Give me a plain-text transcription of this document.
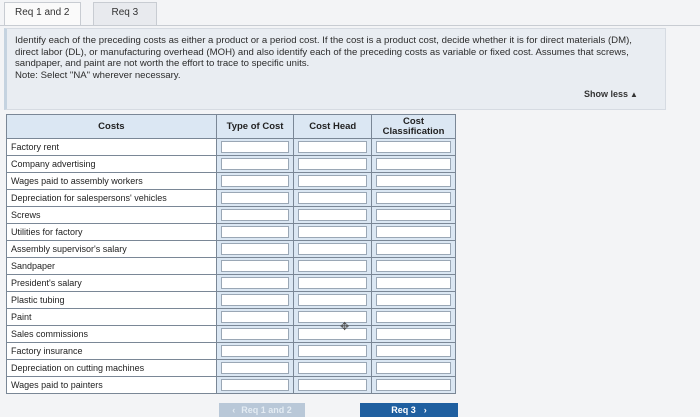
Req 1 and 2	Req 3

Identify each of the preceding costs as either a product or a period cost. If the cost is a product cost, decide whether it is for direct materials (DM), direct labor (DL), or manufacturing overhead (MOH) and also identify each of the preceding costs as variable or fixed cost. Assumes that screws, sandpaper, and paint are not worth the effort to trace to specific units.

Note: Select "NA" wherever necessary.

Show less ▲
Costs	Type of Cost	Cost Head	Cost Classification
Factory rent	

Company advertising	

Wages paid to assembly workers	

Depreciation for salespersons' vehicles	

Screws	

Utilities for factory	

Assembly supervisor's salary	

Sandpaper	

President's salary	

Plastic tubing	

Paint	

Sales commissions	

Factory insurance	

Depreciation on cutting machines	

Wages paid to painters	

✥
‹ Req 1 and 2	Req 3 ›
